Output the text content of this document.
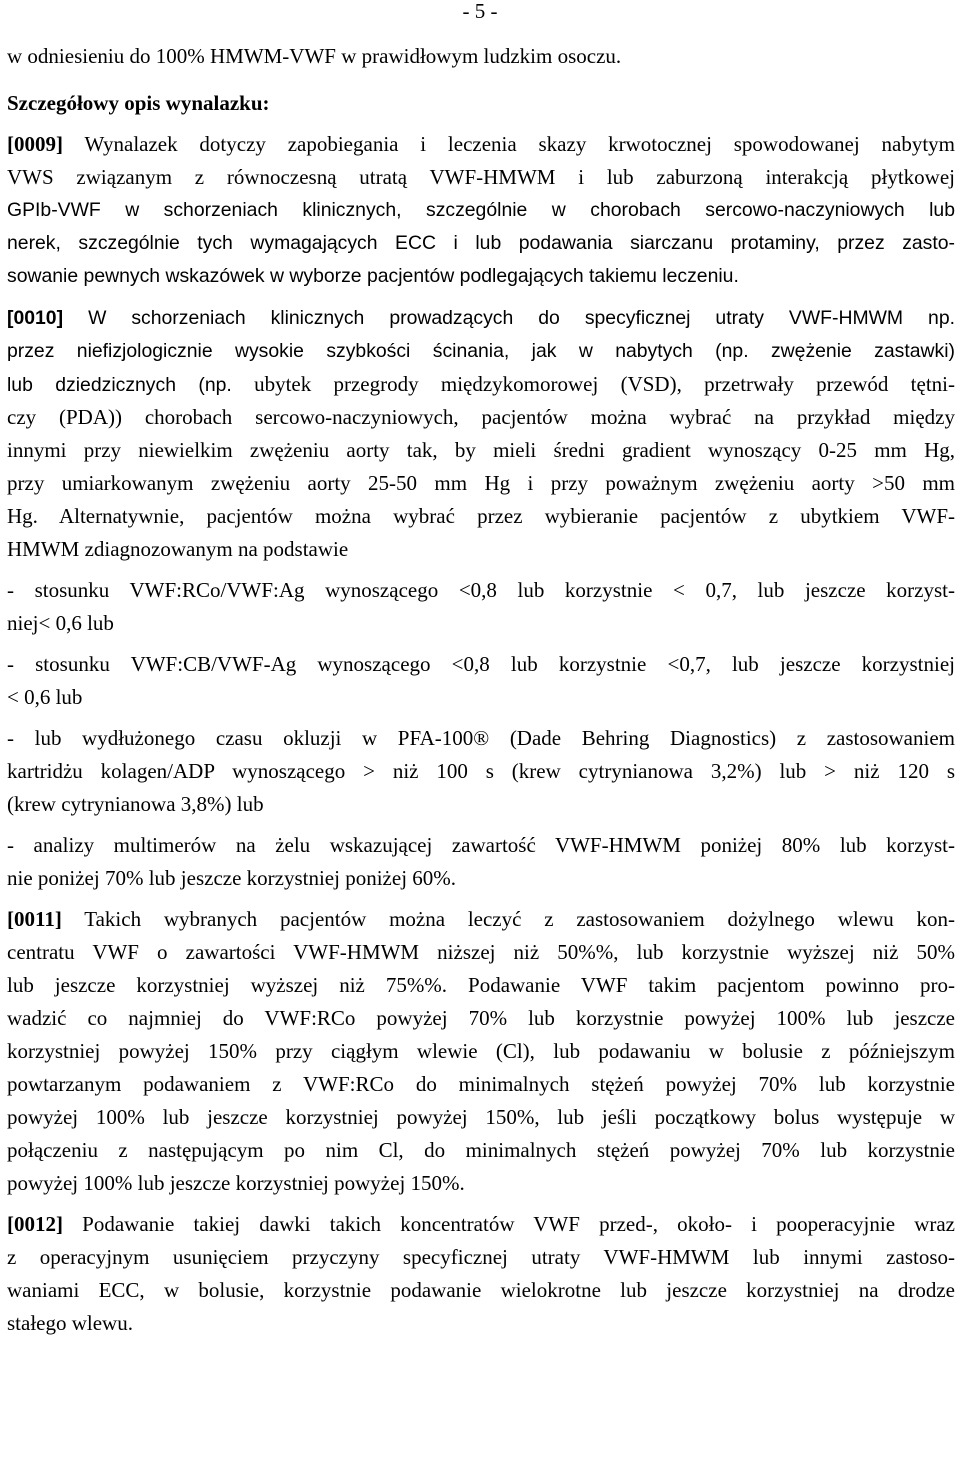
- 5 -

w odniesieniu do 100% HMWM-VWF w prawidłowym ludzkim osoczu.

Szczegółowy opis wynalazku:

[0009] Wynalazek dotyczy zapobiegania i leczenia skazy krwotocznej spowodowanej nabytym
VWS związanym z równoczesną utratą VWF-HMWM i lub zaburzoną interakcją płytkowej
GPIb-VWF w schorzeniach klinicznych, szczególnie w chorobach sercowo-naczyniowych lub
nerek, szczególnie tych wymagających ECC i lub podawania siarczanu protaminy, przez zasto-
sowanie pewnych wskazówek w wyborze pacjentów podlegających takiemu leczeniu.

[0010] W schorzeniach klinicznych prowadzących do specyficznej utraty VWF-HMWM np.
przez niefizjologicznie wysokie szybkości ścinania, jak w nabytych (np. zwężenie zastawki)
lub dziedzicznych (np. ubytek przegrody międzykomorowej (VSD), przetrwały przewód tętni-
czy (PDA)) chorobach sercowo-naczyniowych, pacjentów można wybrać na przykład między
innymi przy niewielkim zwężeniu aorty tak, by mieli średni gradient wynoszący 0-25 mm Hg,
przy umiarkowanym zwężeniu aorty 25-50 mm Hg i przy poważnym zwężeniu aorty >50 mm
Hg. Alternatywnie, pacjentów można wybrać przez wybieranie pacjentów z ubytkiem VWF-
HMWM zdiagnozowanym na podstawie

- stosunku VWF:RCo/VWF:Ag wynoszącego <0,8 lub korzystnie < 0,7, lub jeszcze korzyst-
niej< 0,6 lub

- stosunku VWF:CB/VWF-Ag wynoszącego <0,8 lub korzystnie <0,7, lub jeszcze korzystniej
< 0,6 lub

- lub wydłużonego czasu okluzji w PFA-100® (Dade Behring Diagnostics) z zastosowaniem
kartridżu kolagen/ADP wynoszącego > niż 100 s (krew cytrynianowa 3,2%) lub > niż 120 s
(krew cytrynianowa 3,8%) lub

- analizy multimerów na żelu wskazującej zawartość VWF-HMWM poniżej 80% lub korzyst-
nie poniżej 70% lub jeszcze korzystniej poniżej 60%.

[0011] Takich wybranych pacjentów można leczyć z zastosowaniem dożylnego wlewu kon-
centratu VWF o zawartości VWF-HMWM niższej niż 50%%, lub korzystnie wyższej niż 50%
lub jeszcze korzystniej wyższej niż 75%%. Podawanie VWF takim pacjentom powinno pro-
wadzić co najmniej do VWF:RCo powyżej 70% lub korzystnie powyżej 100% lub jeszcze
korzystniej powyżej 150% przy ciągłym wlewie (Cl), lub podawaniu w bolusie z późniejszym
powtarzanym podawaniem z VWF:RCo do minimalnych stężeń powyżej 70% lub korzystnie
powyżej 100% lub jeszcze korzystniej powyżej 150%, lub jeśli początkowy bolus występuje w
połączeniu z następującym po nim Cl, do minimalnych stężeń powyżej 70% lub korzystnie
powyżej 100% lub jeszcze korzystniej powyżej 150%.

[0012] Podawanie takiej dawki takich koncentratów VWF przed-, około- i pooperacyjnie wraz
z operacyjnym usunięciem przyczyny specyficznej utraty VWF-HMWM lub innymi zastoso-
waniami ECC, w bolusie, korzystnie podawanie wielokrotne lub jeszcze korzystniej na drodze
stałego wlewu.
